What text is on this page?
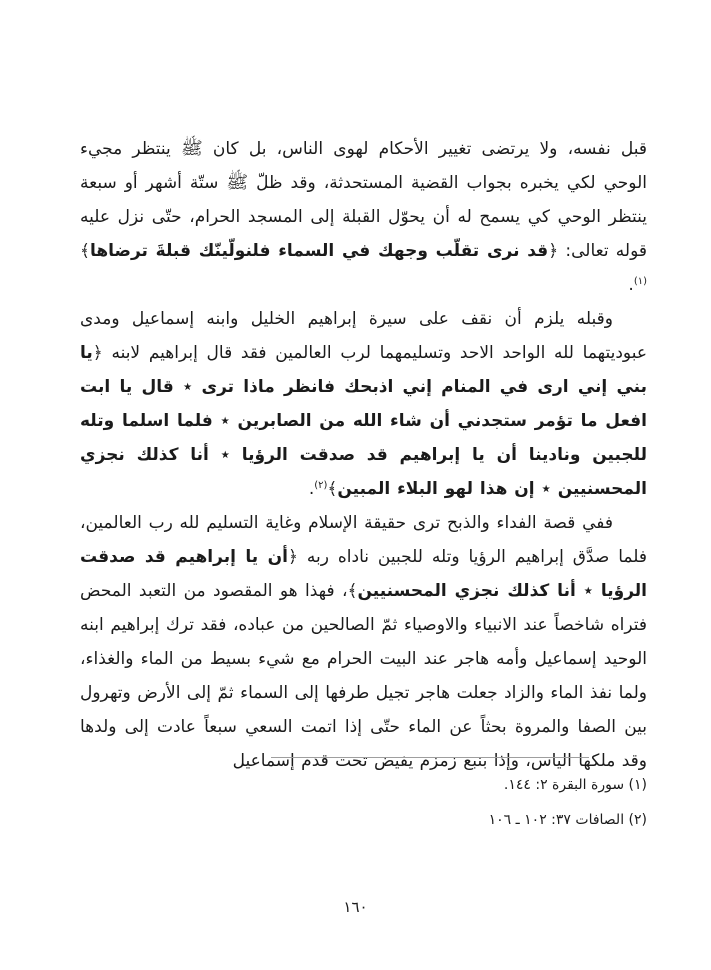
قبل نفسه، ولا يرتضى تغيير الأحكام لهوى الناس، بل كان ﷺ ينتظر مجيء الوحي لكي يخبره بجواب القضية المستحدثة، وقد ظلّ ﷺ ستّة أشهر أو سبعة ينتظر الوحي كي يسمح له أن يحوّل القبلة إلى المسجد الحرام، حتّى نزل عليه قوله تعالى: ﴿قد نرى تقلّب وجهك في السماء فلنولّينّك قبلةَ ترضاها﴾$^{(١)}$.

وقبله يلزم أن نقف على سيرة إبراهيم الخليل وابنه إسماعيل ومدى عبوديتهما لله الواحد الاحد وتسليمهما لرب العالمين فقد قال إبراهيم لابنه ﴿يا بني إني ارى في المنام إني اذبحك فانظر ماذا ترى ٭ قال يا ابت افعل ما تؤمر ستجدني أن شاء الله من الصابرين ٭ فلما اسلما وتله للجبين ونادينا أن يا إبراهيم قد صدقت الرؤيا ٭ أنا كذلك نجزي المحسنيين ٭ إن هذا لهو البلاء المبين﴾$^{(٢)}$.

ففي قصة الفداء والذبح ترى حقيقة الإسلام وغاية التسليم لله رب العالمين، فلما صدَّق إبراهيم الرؤيا وتله للجبين ناداه ربه ﴿أن يا إبراهيم قد صدقت الرؤيا ٭ أنا كذلك نجزي المحسنيين﴾، فهذا هو المقصود من التعبد المحض فتراه شاخصاً عند الانبياء والاوصياء ثمّ الصالحين من عباده، فقد ترك إبراهيم ابنه الوحيد إسماعيل وأمه هاجر عند البيت الحرام مع شيء بسيط من الماء والغذاء، ولما نفذ الماء والزاد جعلت هاجر تجيل طرفها إلى السماء ثمّ إلى الأرض وتهرول بين الصفا والمروة بحثاً عن الماء حتّى إذا اتمت السعي سبعاً عادت إلى ولدها وقد ملكها الياس، وإذا بنبع زمزم يفيض تحت قدم إسماعيل

(١) سورة البقرة ٢: ١٤٤.

(٢) الصافات ٣٧: ١٠٢ ـ ١٠٦

١٦٠
